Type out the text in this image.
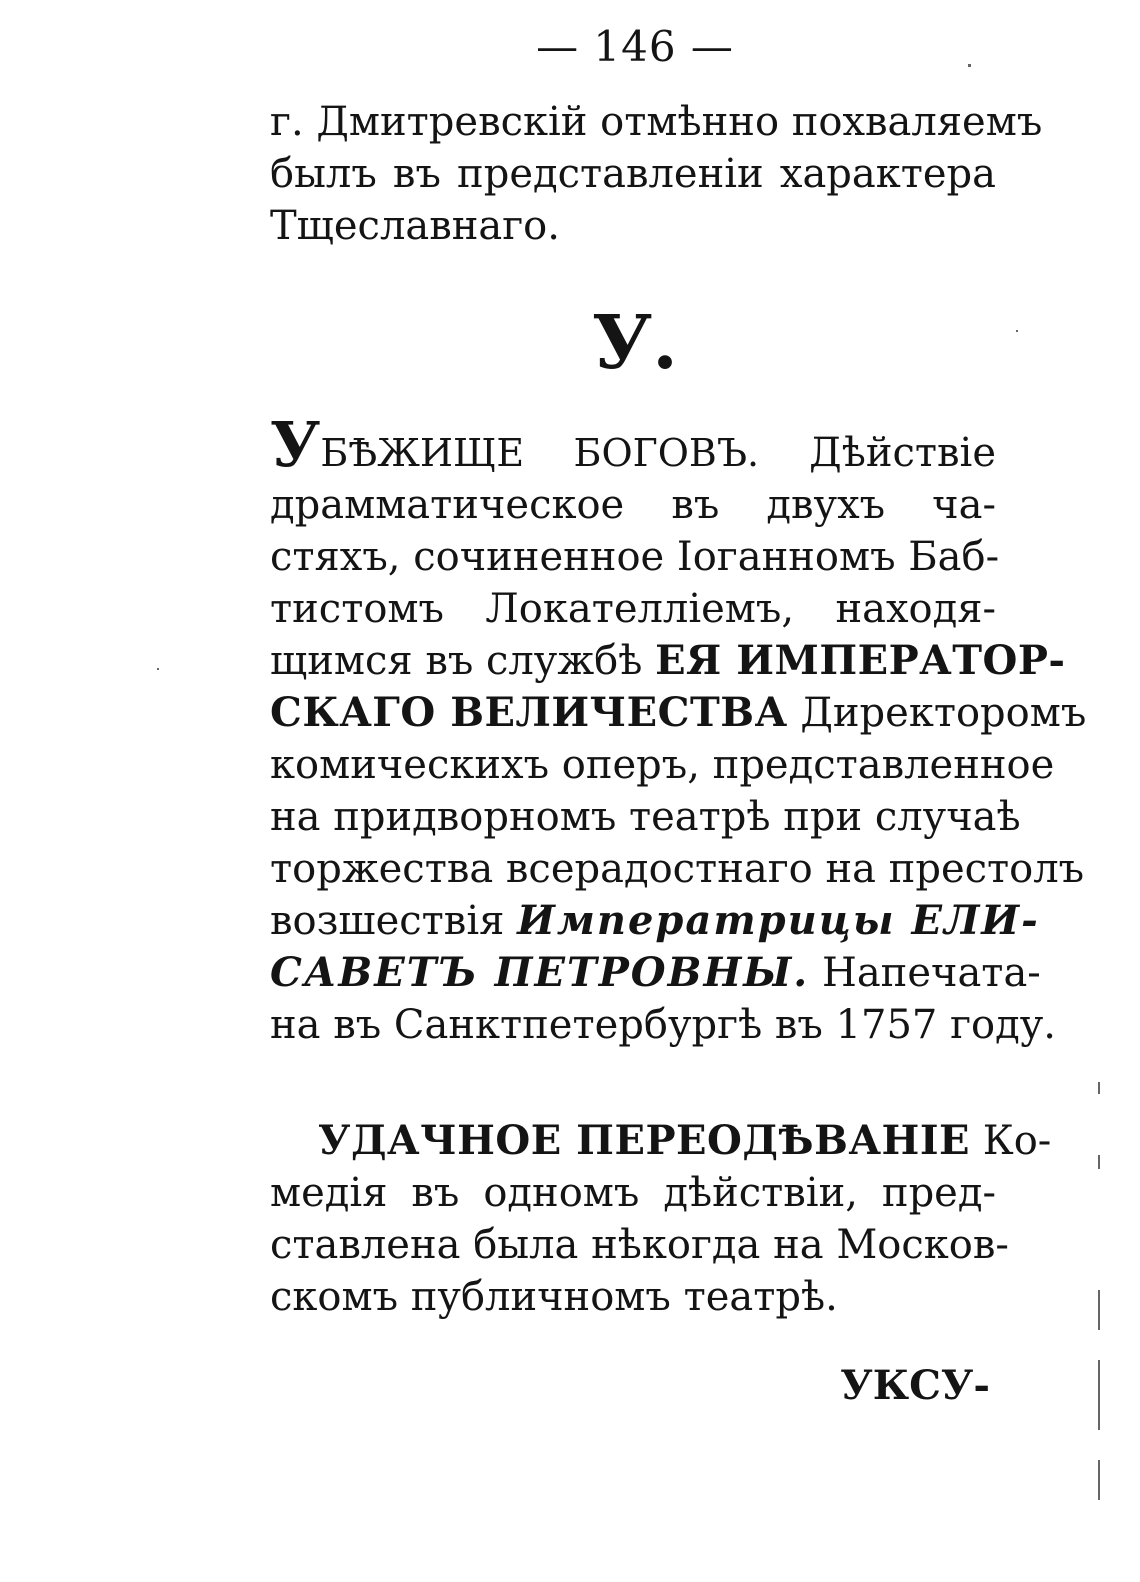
— 146 —
г. Дмитревскій отмѣнно похваляемъ
былъ въ представленіи характера
Тщеславнаго.
У.
УБѢЖИЩЕ БОГОВЪ. Дѣйствіе
драмматическое въ двухъ ча-
стяхъ, сочиненное Іоганномъ Баб-
тистомъ Локателліемъ, находя-
щимся въ службѣ ЕЯ ИМПЕРАТОР-
СКАГО ВЕЛИЧЕСТВА Директоромъ
комическихъ оперъ, представленное
на придворномъ театрѣ при случаѣ
торжества всерадостнаго на престолъ
возшествія Императрицы ЕЛИ-
САВЕТЪ ПЕТРОВНЫ. Напечата-
на въ Санктпетербургѣ въ 1757 году.
УДАЧНОЕ ПЕРЕОДѢВАНІЕ Ко-
медія въ одномъ дѣйствіи, пред-
ставлена была нѣкогда на Москов-
скомъ публичномъ театрѣ.
УКСУ-
